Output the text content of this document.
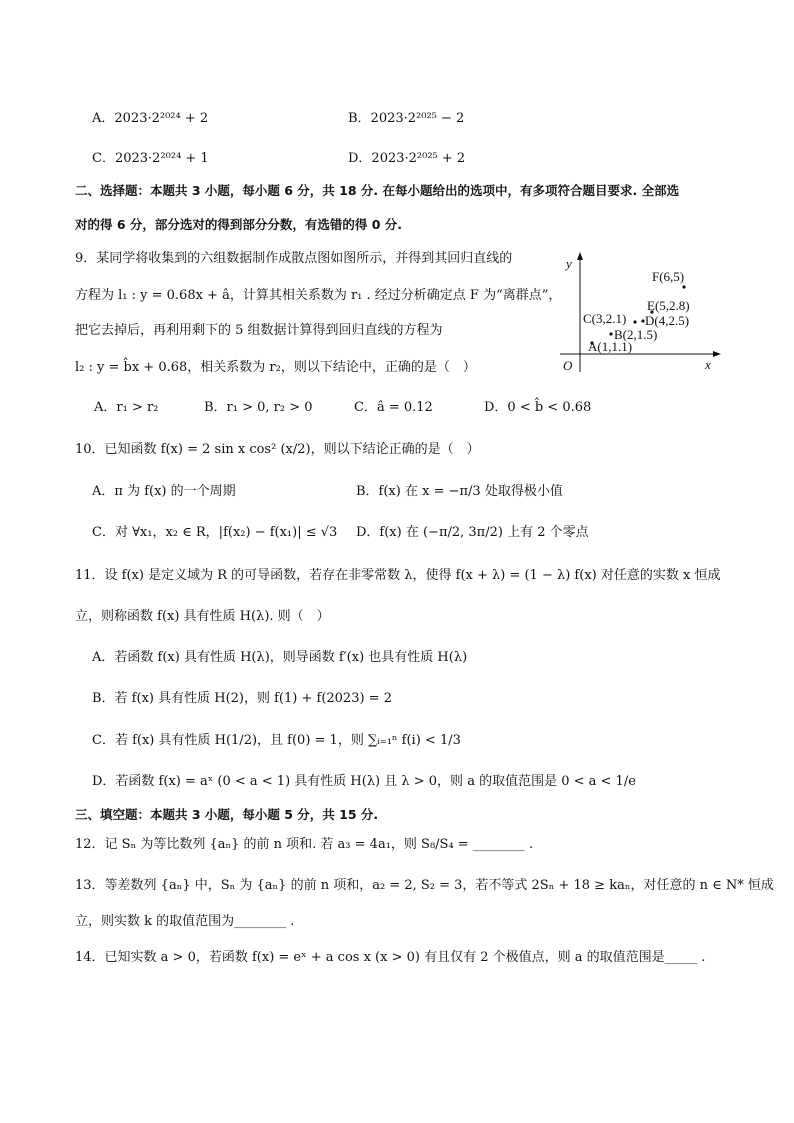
A．2023·2²⁰²⁴ + 2	B．2023·2²⁰²⁵ − 2
C．2023·2²⁰²⁴ + 1	D．2023·2²⁰²⁵ + 2
二、选择题：本题共 3 小题，每小题 6 分，共 18 分. 在每小题给出的选项中，有多项符合题目要求. 全部选
对的得 6 分，部分选对的得到部分分数，有选错的得 0 分.
9．某同学将收集到的六组数据制作成散点图如图所示，并得到其回归直线的
方程为 l₁ : y = 0.68x + â，计算其相关系数为 r₁ . 经过分析确定点 F 为“离群点”，
把它去掉后，再利用剩下的 5 组数据计算得到回归直线的方程为
l₂ : y = b̂x + 0.68，相关系数为 r₂，则以下结论中，正确的是（　）
y
x
O
F(6,5)
E(5,2.8)
C(3,2.1) D(4,2.5)
B(2,1.5)
A(1,1.1)
A．r₁ > r₂	B．r₁ > 0, r₂ > 0	C．â = 0.12	D．0 < b̂ < 0.68
10．已知函数 f(x) = 2 sin x cos² (x/2)，则以下结论正确的是（　）
A．π 为 f(x) 的一个周期	B．f(x) 在 x = −π/3 处取得极小值
C．对 ∀x₁，x₂ ∈ R，|f(x₂) − f(x₁)| ≤ √3 D．f(x) 在 (−π/2, 3π/2) 上有 2 个零点
11．设 f(x) 是定义域为 R 的可导函数，若存在非零常数 λ，使得 f(x + λ) = (1 − λ) f(x) 对任意的实数 x 恒成
立，则称函数 f(x) 具有性质 H(λ). 则（　）
A．若函数 f(x) 具有性质 H(λ)，则导函数 f′(x) 也具有性质 H(λ)
B．若 f(x) 具有性质 H(2)，则 f(1) + f(2023) = 2
C．若 f(x) 具有性质 H(1/2)，且 f(0) = 1，则 ∑ᵢ₌₁ⁿ f(i) < 1/3
D．若函数 f(x) = aˣ (0 < a < 1) 具有性质 H(λ) 且 λ > 0，则 a 的取值范围是 0 < a < 1/e
三、填空题：本题共 3 小题，每小题 5 分，共 15 分.
12．记 Sₙ 为等比数列 {aₙ} 的前 n 项和. 若 a₃ = 4a₁，则 S₈/S₄ = ________ .
13．等差数列 {aₙ} 中，Sₙ 为 {aₙ} 的前 n 项和，a₂ = 2, S₂ = 3，若不等式 2Sₙ + 18 ≥ kaₙ，对任意的 n ∈ N* 恒成
立，则实数 k 的取值范围为________ .
14．已知实数 a > 0，若函数 f(x) = eˣ + a cos x (x > 0) 有且仅有 2 个极值点，则 a 的取值范围是_____ .
